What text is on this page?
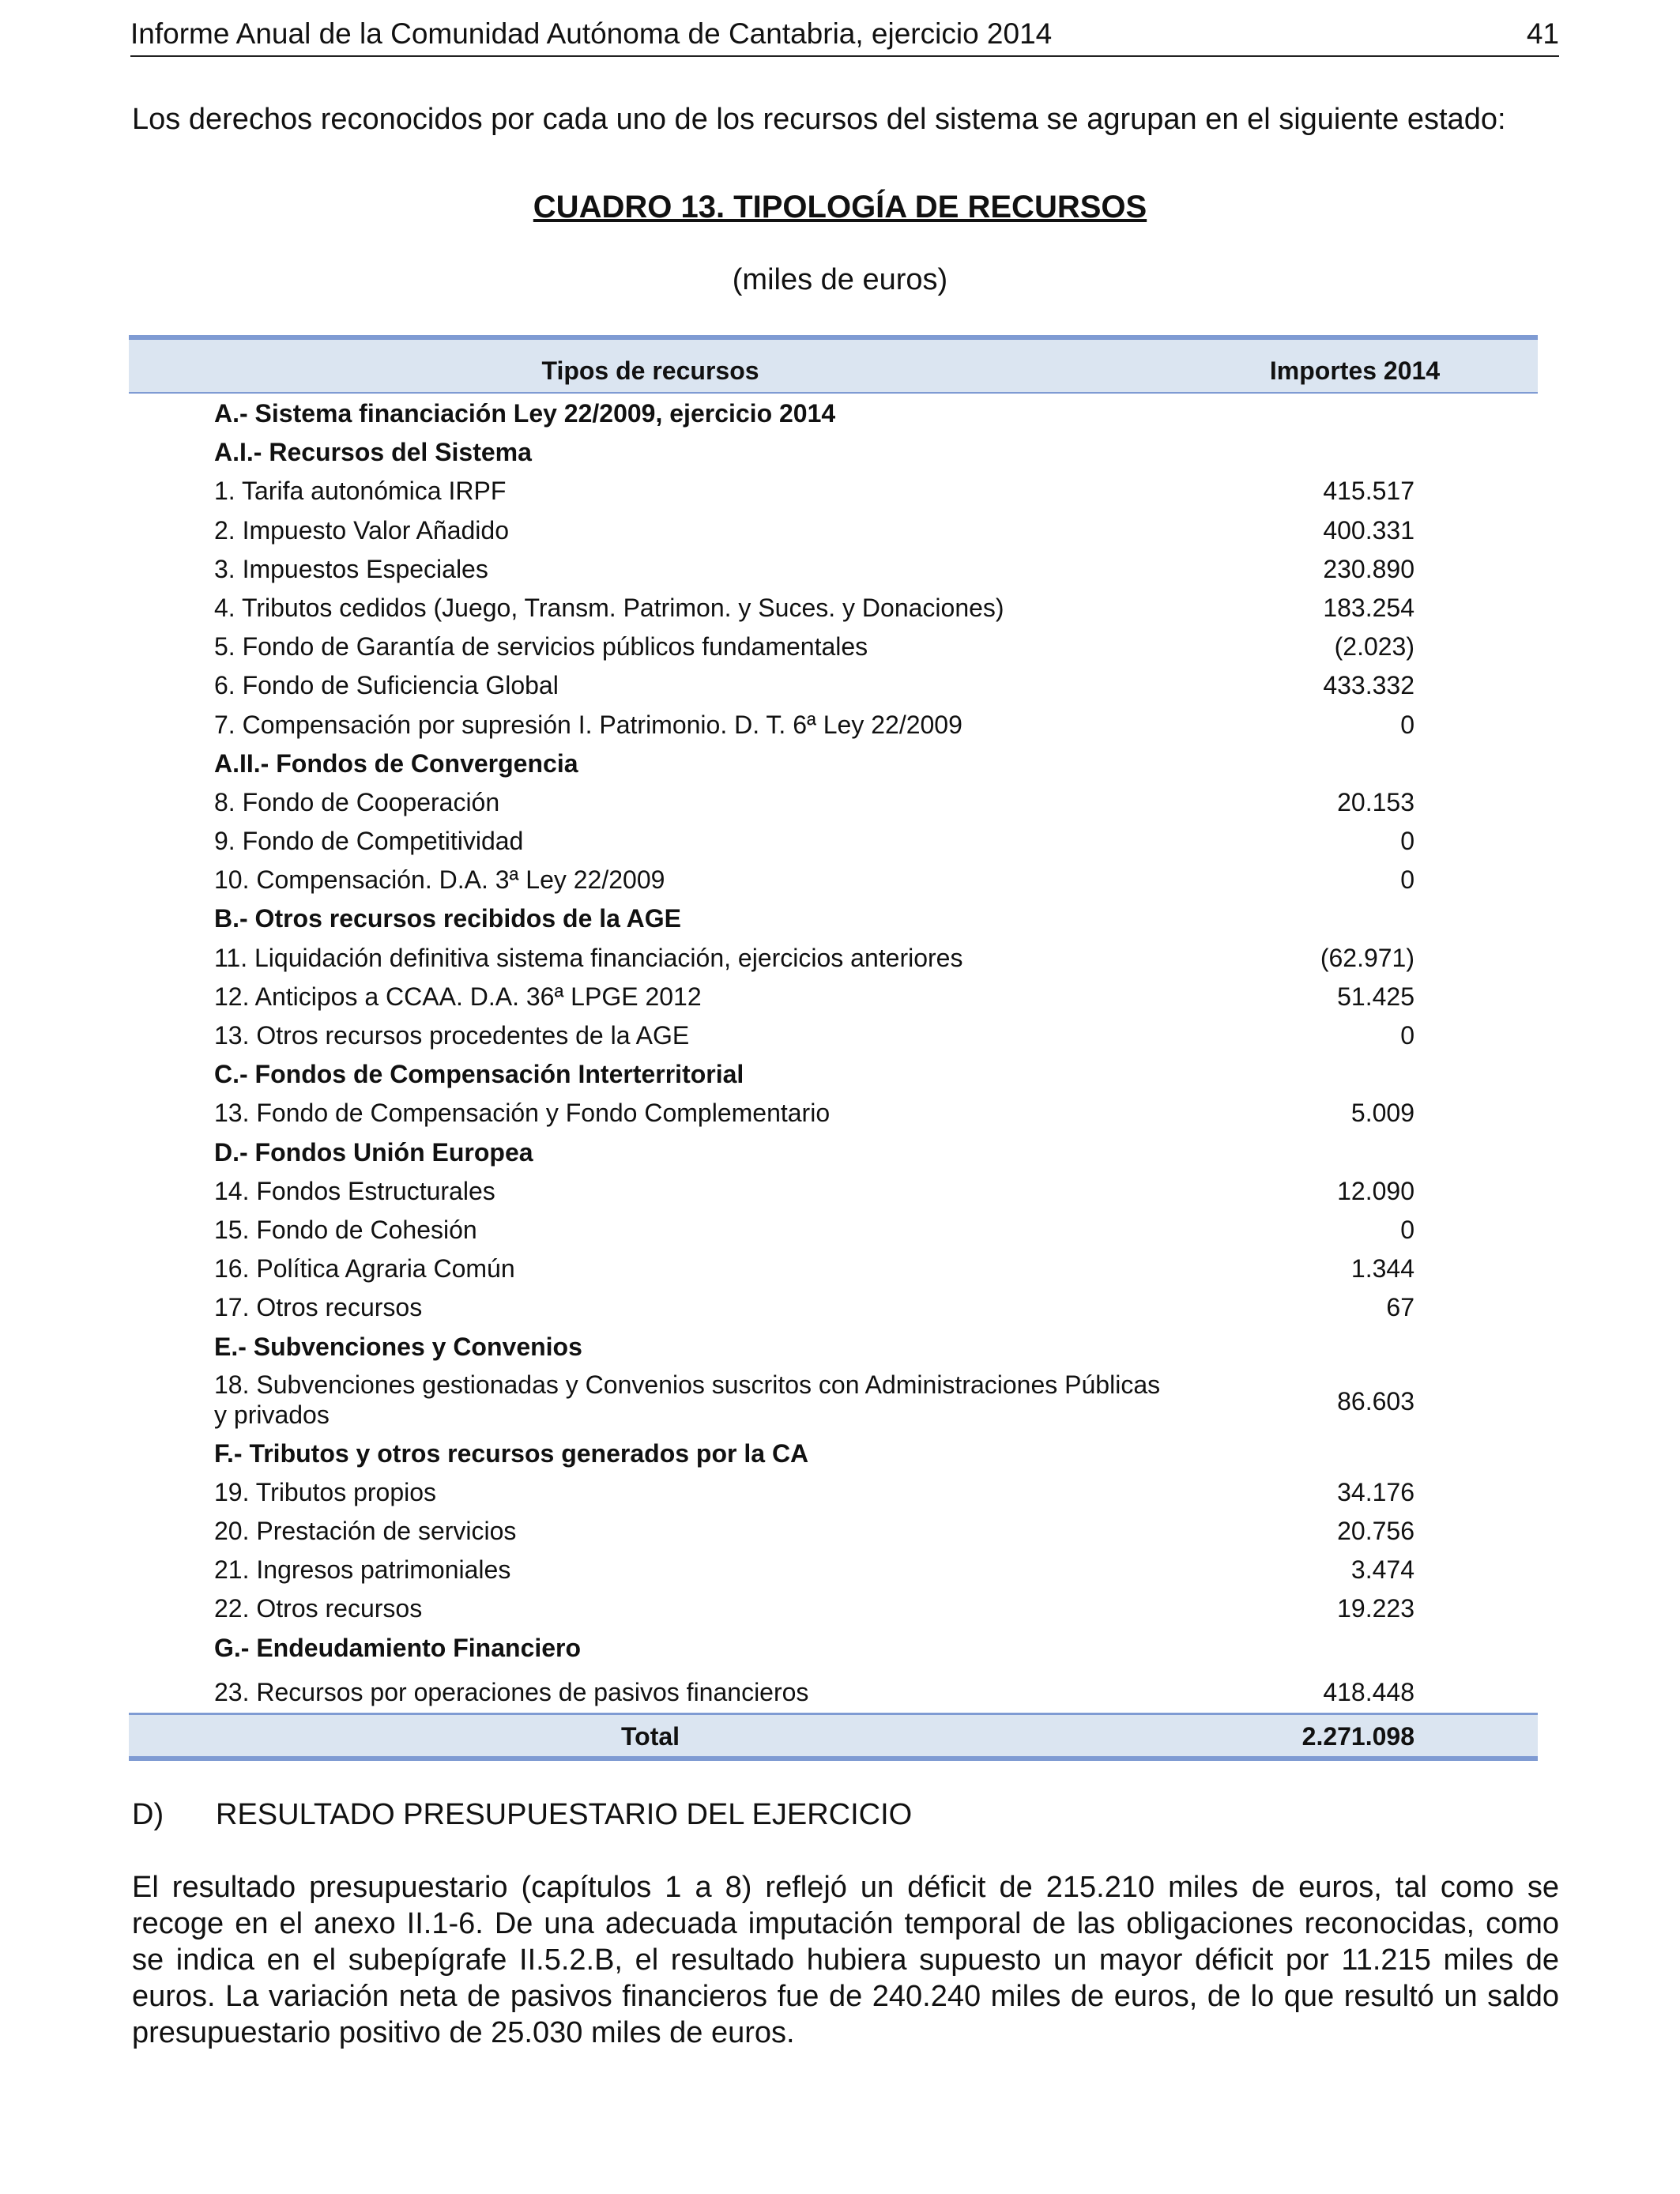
Informe Anual de la Comunidad Autónoma de Cantabria, ejercicio 2014	41
Los derechos reconocidos por cada uno de los recursos del sistema se agrupan en el siguiente estado:
CUADRO 13. TIPOLOGÍA DE RECURSOS
(miles de euros)
Tipos de recursos	Importes 2014
A.- Sistema financiación Ley 22/2009, ejercicio 2014
A.I.- Recursos del Sistema
1. Tarifa autonómica IRPF	415.517
2. Impuesto Valor Añadido	400.331
3. Impuestos Especiales	230.890
4. Tributos cedidos (Juego, Transm. Patrimon. y Suces. y Donaciones)	183.254
5. Fondo de Garantía de servicios públicos fundamentales	(2.023)
6. Fondo de Suficiencia Global	433.332
7. Compensación por supresión I. Patrimonio. D. T. 6ª Ley 22/2009	0
A.II.- Fondos de Convergencia
8. Fondo de Cooperación	20.153
9. Fondo de Competitividad	0
10. Compensación. D.A. 3ª Ley 22/2009	0
B.- Otros recursos recibidos de la AGE
11. Liquidación definitiva sistema financiación, ejercicios anteriores	(62.971)
12. Anticipos a CCAA. D.A. 36ª LPGE 2012	51.425
13. Otros recursos procedentes de la AGE	0
C.- Fondos de Compensación Interterritorial
13. Fondo de Compensación y Fondo Complementario	5.009
D.- Fondos Unión Europea
14. Fondos Estructurales	12.090
15. Fondo de Cohesión	0
16. Política Agraria Común	1.344
17. Otros recursos	67
E.- Subvenciones y Convenios
18. Subvenciones gestionadas y Convenios suscritos con Administraciones Públicas y privados	86.603
F.- Tributos y otros recursos generados por la CA
19. Tributos propios	34.176
20. Prestación de servicios	20.756
21. Ingresos patrimoniales	3.474
22. Otros recursos	19.223
G.- Endeudamiento Financiero
23. Recursos por operaciones de pasivos financieros	418.448
Total	2.271.098
D) RESULTADO PRESUPUESTARIO DEL EJERCICIO
El resultado presupuestario (capítulos 1 a 8) reflejó un déficit de 215.210 miles de euros, tal como se recoge en el anexo II.1-6. De una adecuada imputación temporal de las obligaciones reconocidas, como se indica en el subepígrafe II.5.2.B, el resultado hubiera supuesto un mayor déficit por 11.215 miles de euros. La variación neta de pasivos financieros fue de 240.240 miles de euros, de lo que resultó un saldo presupuestario positivo de 25.030 miles de euros.
